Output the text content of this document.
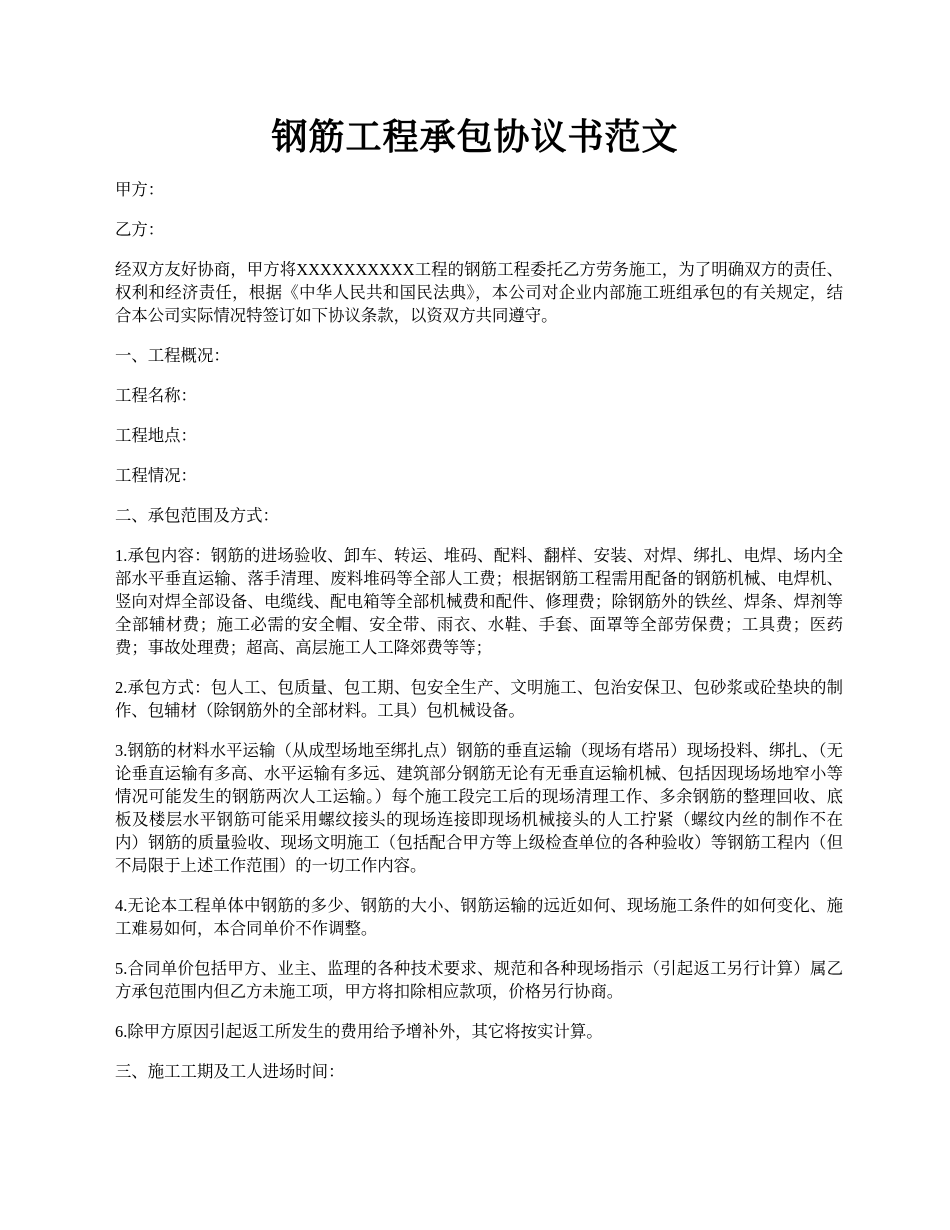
钢筋工程承包协议书范文

甲方：

乙方：

经双方友好协商，甲方将XXXXXXXXXX工程的钢筋工程委托乙方劳务施工，为了明确双方的责任、权利和经济责任，根据《中华人民共和国民法典》，本公司对企业内部施工班组承包的有关规定，结合本公司实际情况特签订如下协议条款，以资双方共同遵守。

一、工程概况：

工程名称：

工程地点：

工程情况：

二、承包范围及方式：

1.承包内容：钢筋的进场验收、卸车、转运、堆码、配料、翻样、安装、对焊、绑扎、电焊、场内全部水平垂直运输、落手清理、废料堆码等全部人工费；根据钢筋工程需用配备的钢筋机械、电焊机、竖向对焊全部设备、电缆线、配电箱等全部机械费和配件、修理费；除钢筋外的铁丝、焊条、焊剂等全部辅材费；施工必需的安全帽、安全带、雨衣、水鞋、手套、面罩等全部劳保费；工具费；医药费；事故处理费；超高、高层施工人工降郊费等等；

2.承包方式：包人工、包质量、包工期、包安全生产、文明施工、包治安保卫、包砂浆或砼垫块的制作、包辅材（除钢筋外的全部材料。工具）包机械设备。

3.钢筋的材料水平运输（从成型场地至绑扎点）钢筋的垂直运输（现场有塔吊）现场投料、绑扎、（无论垂直运输有多高、水平运输有多远、建筑部分钢筋无论有无垂直运输机械、包括因现场场地窄小等情况可能发生的钢筋两次人工运输。）每个施工段完工后的现场清理工作、多余钢筋的整理回收、底板及楼层水平钢筋可能采用螺纹接头的现场连接即现场机械接头的人工拧紧（螺纹内丝的制作不在内）钢筋的质量验收、现场文明施工（包括配合甲方等上级检查单位的各种验收）等钢筋工程内（但不局限于上述工作范围）的一切工作内容。

4.无论本工程单体中钢筋的多少、钢筋的大小、钢筋运输的远近如何、现场施工条件的如何变化、施工难易如何，本合同单价不作调整。

5.合同单价包括甲方、业主、监理的各种技术要求、规范和各种现场指示（引起返工另行计算）属乙方承包范围内但乙方未施工项，甲方将扣除相应款项，价格另行协商。

6.除甲方原因引起返工所发生的费用给予增补外，其它将按实计算。

三、施工工期及工人进场时间：
